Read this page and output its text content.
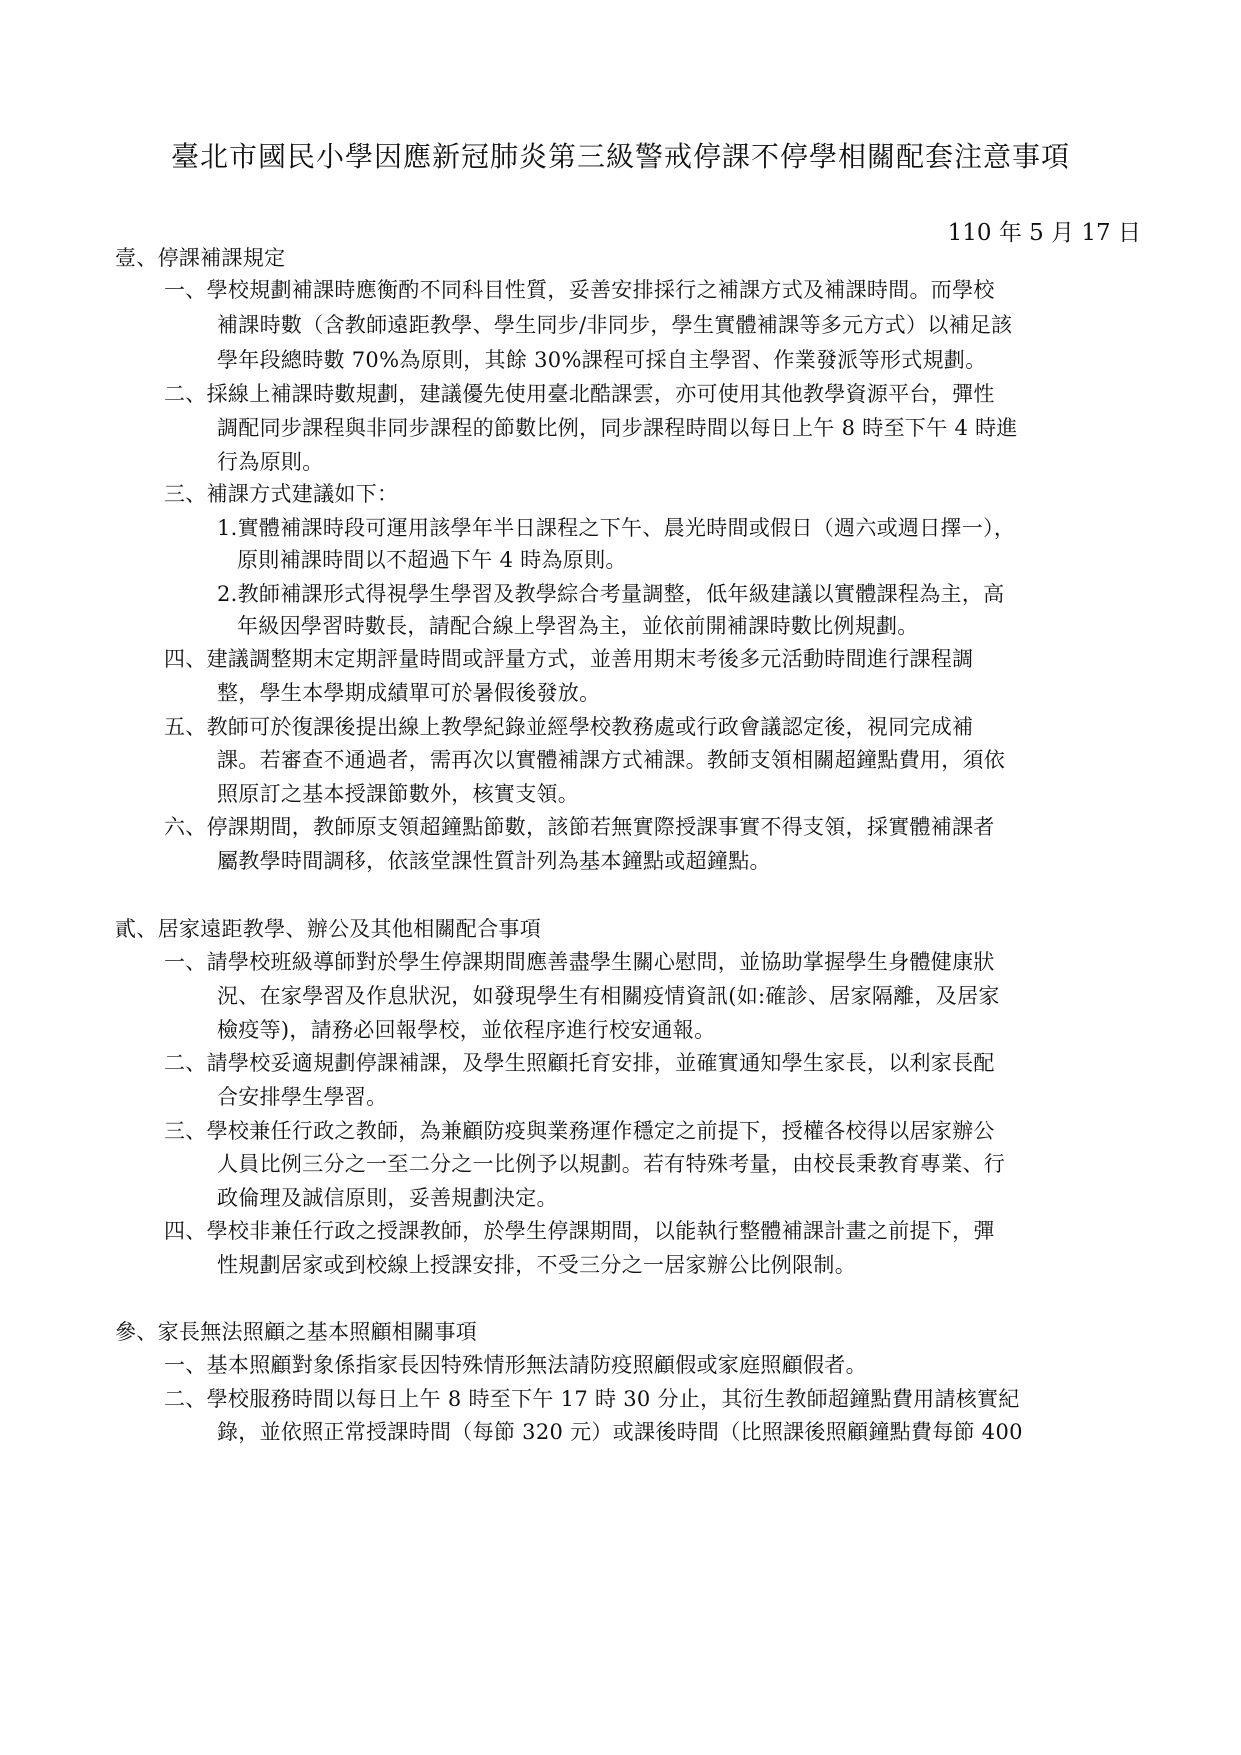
臺北市國民小學因應新冠肺炎第三級警戒停課不停學相關配套注意事項
110 年 5 月 17 日
壹、停課補課規定
一、學校規劃補課時應衡酌不同科目性質，妥善安排採行之補課方式及補課時間。而學校
補課時數（含教師遠距教學、學生同步/非同步，學生實體補課等多元方式）以補足該
學年段總時數 70%為原則，其餘 30%課程可採自主學習、作業發派等形式規劃。
二、採線上補課時數規劃，建議優先使用臺北酷課雲，亦可使用其他教學資源平台，彈性
調配同步課程與非同步課程的節數比例，同步課程時間以每日上午 8 時至下午 4 時進
行為原則。
三、補課方式建議如下：
1.實體補課時段可運用該學年半日課程之下午、晨光時間或假日（週六或週日擇一），
原則補課時間以不超過下午 4 時為原則。
2.教師補課形式得視學生學習及教學綜合考量調整，低年級建議以實體課程為主，高
年級因學習時數長，請配合線上學習為主，並依前開補課時數比例規劃。
四、建議調整期末定期評量時間或評量方式，並善用期末考後多元活動時間進行課程調
整，學生本學期成績單可於暑假後發放。
五、教師可於復課後提出線上教學紀錄並經學校教務處或行政會議認定後，視同完成補
課。若審查不通過者，需再次以實體補課方式補課。教師支領相關超鐘點費用，須依
照原訂之基本授課節數外，核實支領。
六、停課期間，教師原支領超鐘點節數，該節若無實際授課事實不得支領，採實體補課者
屬教學時間調移，依該堂課性質計列為基本鐘點或超鐘點。
貳、居家遠距教學、辦公及其他相關配合事項
一、請學校班級導師對於學生停課期間應善盡學生關心慰問，並協助掌握學生身體健康狀
況、在家學習及作息狀況，如發現學生有相關疫情資訊(如:確診、居家隔離，及居家
檢疫等)，請務必回報學校，並依程序進行校安通報。
二、請學校妥適規劃停課補課，及學生照顧托育安排，並確實通知學生家長，以利家長配
合安排學生學習。
三、學校兼任行政之教師，為兼顧防疫與業務運作穩定之前提下，授權各校得以居家辦公
人員比例三分之一至二分之一比例予以規劃。若有特殊考量，由校長秉教育專業、行
政倫理及誠信原則，妥善規劃決定。
四、學校非兼任行政之授課教師，於學生停課期間，以能執行整體補課計畫之前提下，彈
性規劃居家或到校線上授課安排，不受三分之一居家辦公比例限制。
參、家長無法照顧之基本照顧相關事項
一、基本照顧對象係指家長因特殊情形無法請防疫照顧假或家庭照顧假者。
二、學校服務時間以每日上午 8 時至下午 17 時 30 分止，其衍生教師超鐘點費用請核實紀
錄，並依照正常授課時間（每節 320 元）或課後時間（比照課後照顧鐘點費每節 400
